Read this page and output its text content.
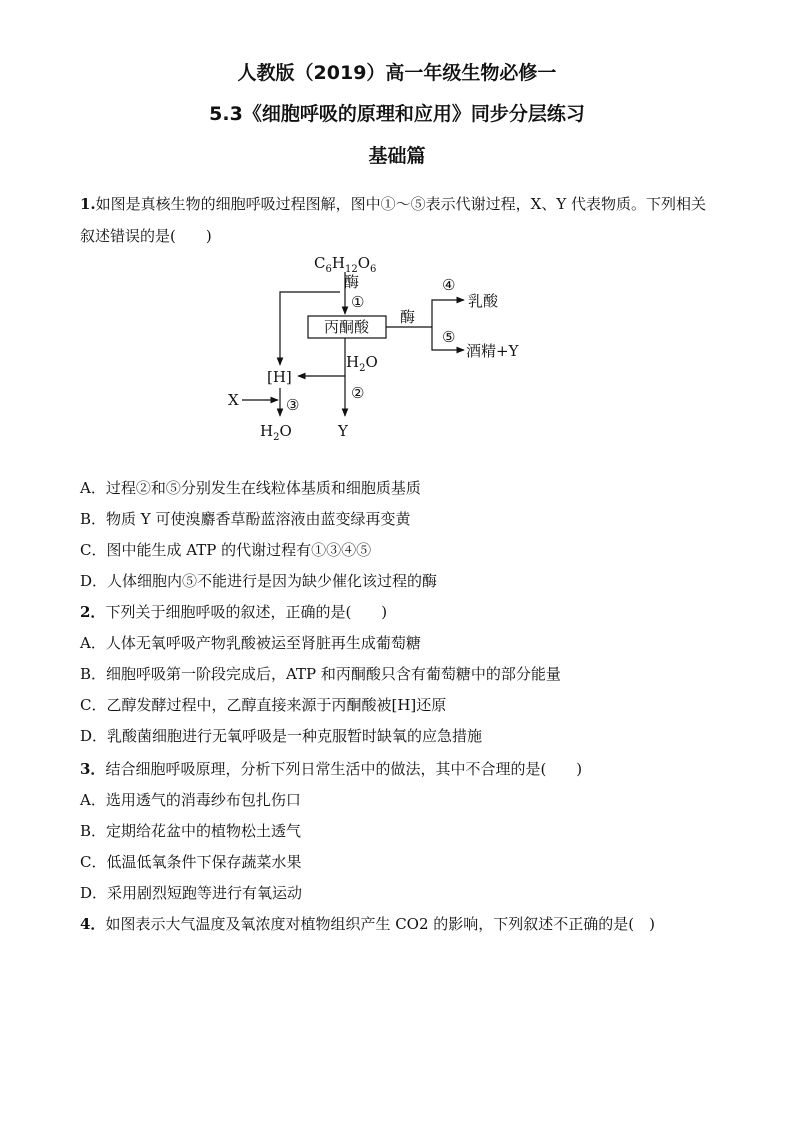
人教版（2019）高一年级生物必修一
5.3《细胞呼吸的原理和应用》同步分层练习
基础篇
1.如图是真核生物的细胞呼吸过程图解，图中①～⑤表示代谢过程，X、Y 代表物质。下列相关
叙述错误的是(　　)
$C_6H_{12}O_6$
酶
①
丙酮酸
酶
④
乳酸
⑤
酒精+Y
$H_2O$
②
[H]
X	③
$H_2O$	Y
A．过程②和⑤分别发生在线粒体基质和细胞质基质
B．物质 Y 可使溴麝香草酚蓝溶液由蓝变绿再变黄
C．图中能生成 ATP 的代谢过程有①③④⑤
D．人体细胞内⑤不能进行是因为缺少催化该过程的酶
2．下列关于细胞呼吸的叙述，正确的是(　　)
A．人体无氧呼吸产物乳酸被运至肾脏再生成葡萄糖
B．细胞呼吸第一阶段完成后，ATP 和丙酮酸只含有葡萄糖中的部分能量
C．乙醇发酵过程中，乙醇直接来源于丙酮酸被[H]还原
D．乳酸菌细胞进行无氧呼吸是一种克服暂时缺氧的应急措施
3．结合细胞呼吸原理，分析下列日常生活中的做法，其中不合理的是(　　)
A．选用透气的消毒纱布包扎伤口
B．定期给花盆中的植物松土透气
C．低温低氧条件下保存蔬菜水果
D．采用剧烈短跑等进行有氧运动
4．如图表示大气温度及氧浓度对植物组织产生 CO2 的影响，下列叙述不正确的是(　)
